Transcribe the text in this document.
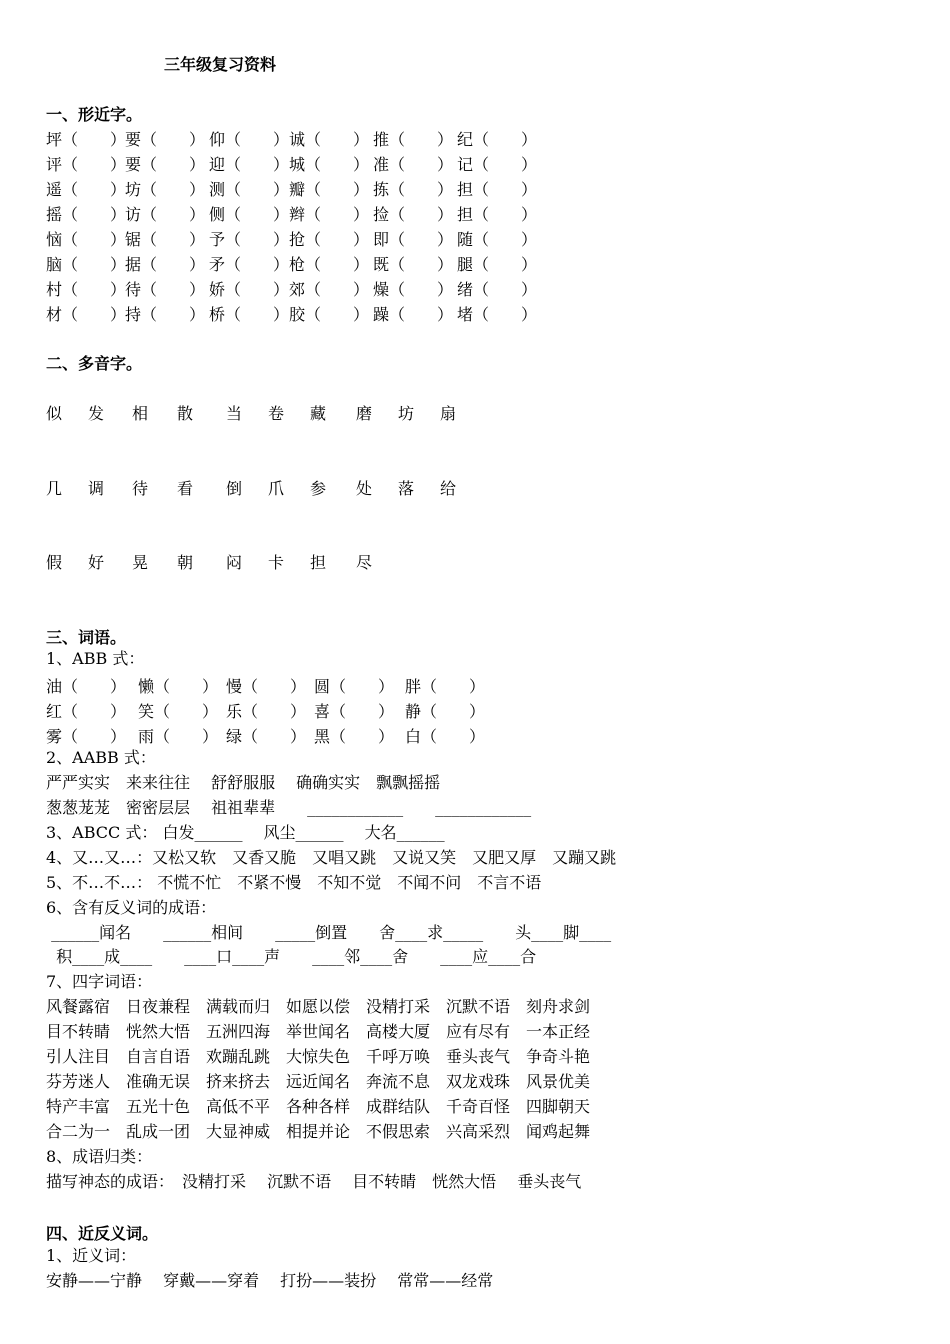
三年级复习资料
一、形近字。
坪（　　）
要（　　） 仰（　　） 诚（　　） 推（　　） 纪（　　）
评（　　）
要（　　） 迎（　　） 城（　　） 准（　　） 记（　　）
遥（　　）
坊（　　） 测（　　） 瓣（　　） 拣（　　） 担（　　）
摇（　　）
访（　　） 侧（　　） 辫（　　） 捡（　　） 担（　　）
恼（　　）
锯（　　） 予（　　） 抢（　　） 即（　　） 随（　　）
脑（　　）
据（　　） 矛（　　） 枪（　　） 既（　　） 腿（　　）
村（　　）
待（　　） 娇（　　） 郊（　　） 燥（　　） 绪（　　）
材（　　）
持（　　） 桥（　　） 胶（　　） 躁（　　） 堵（　　）
二、多音字。
似 发 相 散 当 卷 藏 磨 坊 扇
几 调 待 看 倒 爪 参 处 落 给
假 好 晃 朝 闷 卡 担 尽
三、词语。
1、ABB 式：
油（　　） 懒（　　） 慢（　　） 圆（　　） 胖（　　）
红（　　） 笑（　　） 乐（　　） 喜（　　） 静（　　）
雾（　　） 雨（　　） 绿（　　） 黑（　　） 白（　　）
2、AABB 式：
严严实实　来来往往　 舒舒服服　 确确实实　飘飘摇摇
葱葱茏茏　密密层层　 祖祖辈辈　　____________　　____________
3、ABCC 式： 白发______　 风尘______　 大名______
4、又…又…：又松又软　又香又脆　又唱又跳　又说又笑　又肥又厚　又蹦又跳
5、不…不…： 不慌不忙　不紧不慢　不知不觉　不闻不问　不言不语
6、含有反义词的成语：
______闻名　　______相间　　_____倒置　　舍____求_____　　头____脚____
积____成____　　____口____声　　____邻____舍　　____应____合
7、四字词语：
风餐露宿　日夜兼程　满载而归　如愿以偿　没精打采　沉默不语　刻舟求剑
目不转睛　恍然大悟　五洲四海　举世闻名　高楼大厦　应有尽有　一本正经
引人注目　自言自语　欢蹦乱跳　大惊失色　千呼万唤　垂头丧气　争奇斗艳
芬芳迷人　准确无误　挤来挤去　远近闻名　奔流不息　双龙戏珠　风景优美
特产丰富　五光十色　高低不平　各种各样　成群结队　千奇百怪　四脚朝天
合二为一　乱成一团　大显神威　相提并论　不假思索　兴高采烈　闻鸡起舞
8、成语归类：
描写神态的成语：　没精打采　 沉默不语　 目不转睛　恍然大悟　 垂头丧气
四、近反义词。
1、近义词：
安静——宁静　 穿戴——穿着　 打扮——装扮　 常常——经常
